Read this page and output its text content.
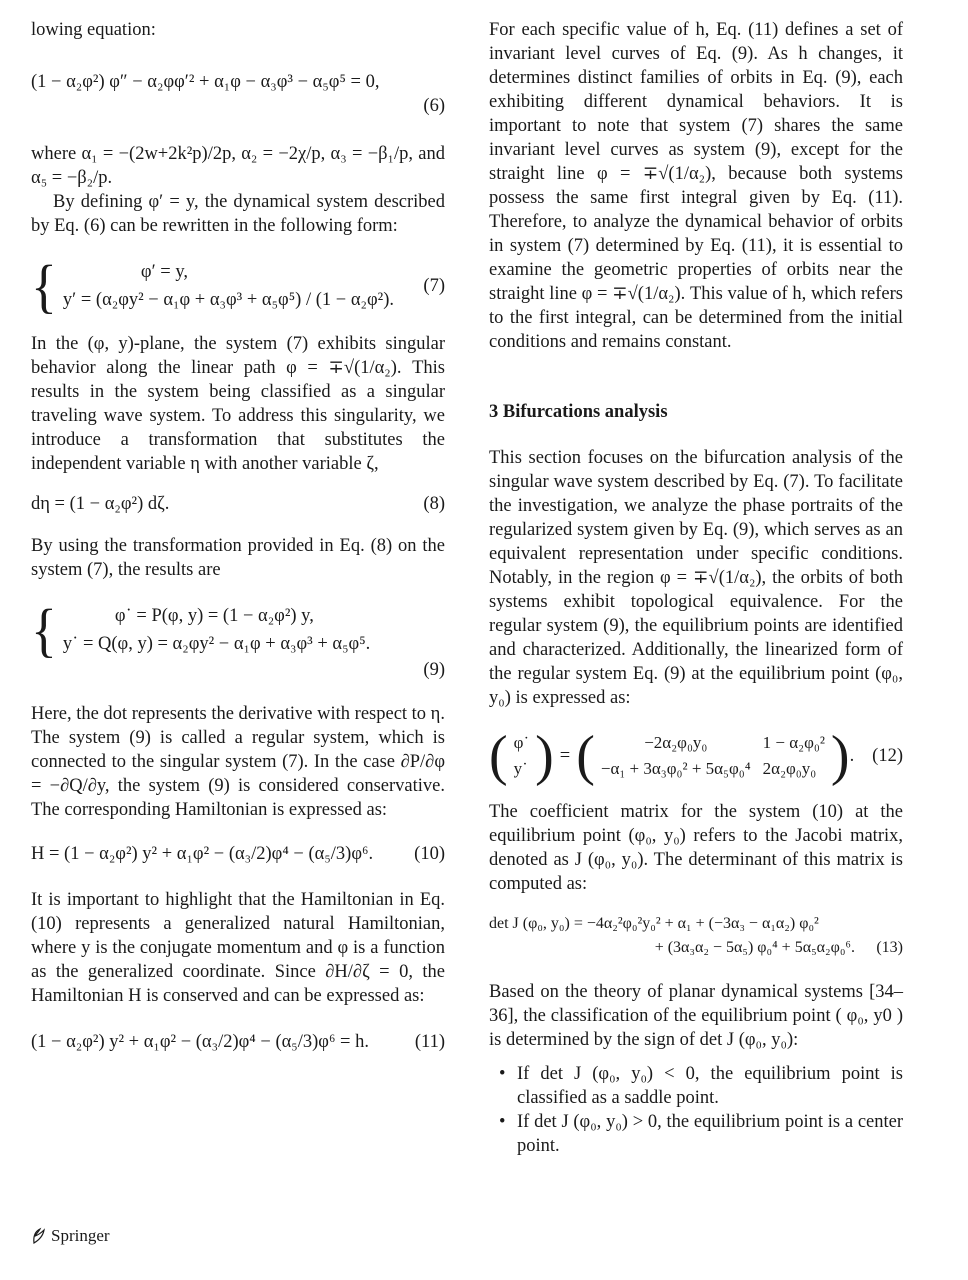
lowing equation:

(1 − α₂φ²) φ″ − α₂φφ′² + α₁φ − α₃φ³ − α₅φ⁵ = 0,
(6)

where α₁ = −(2w+2k²p)/2p, α₂ = −2χ/p, α₃ = −β₁/p, and α₅ = −β₂/p.

By defining φ′ = y, the dynamical system described by Eq. (6) can be rewritten in the following form:

{	φ′ = y,
y′ = (α₂φy² − α₁φ + α₃φ³ + α₅φ⁵) / (1 − α₂φ²).
(7)

In the (φ, y)-plane, the system (7) exhibits singular behavior along the linear path φ = ∓√(1/α₂). This results in the system being classified as a singular traveling wave system. To address this singularity, we introduce a transformation that substitutes the independent variable η with another variable ζ,

dη = (1 − α₂φ²) dζ.	(8)

By using the transformation provided in Eq. (8) on the system (7), the results are

{	φ˙ = P(φ, y) = (1 − α₂φ²) y,
y˙ = Q(φ, y) = α₂φy² − α₁φ + α₃φ³ + α₅φ⁵.
(9)

Here, the dot represents the derivative with respect to η. The system (9) is called a regular system, which is connected to the singular system (7). In the case ∂P/∂φ = −∂Q/∂y, the system (9) is considered conservative. The corresponding Hamiltonian is expressed as:

H = (1 − α₂φ²) y² + α₁φ² − (α₃/2)φ⁴ − (α₅/3)φ⁶.	(10)

It is important to highlight that the Hamiltonian in Eq. (10) represents a generalized natural Hamiltonian, where y is the conjugate momentum and φ is a function as the generalized coordinate. Since ∂H/∂ζ = 0, the Hamiltonian H is conserved and can be expressed as:

(1 − α₂φ²) y² + α₁φ² − (α₃/2)φ⁴ − (α₅/3)φ⁶ = h.	(11)

For each specific value of h, Eq. (11) defines a set of invariant level curves of Eq. (9). As h changes, it determines distinct families of orbits in Eq. (9), each exhibiting different dynamical behaviors. It is important to note that system (7) shares the same invariant level curves as system (9), except for the straight line φ = ∓√(1/α₂), because both systems possess the same first integral given by Eq. (11). Therefore, to analyze the dynamical behavior of orbits in system (7) determined by Eq. (11), it is essential to examine the geometric properties of orbits near the straight line φ = ∓√(1/α₂). This value of h, which refers to the first integral, can be determined from the initial conditions and remains constant.

3 Bifurcations analysis

This section focuses on the bifurcation analysis of the singular wave system described by Eq. (7). To facilitate the investigation, we analyze the phase portraits of the regularized system given by Eq. (9), which serves as an equivalent representation under specific conditions. Notably, in the region φ = ∓√(1/α₂), the orbits of both systems exhibit topological equivalence. For the regular system (9), the equilibrium points are identified and characterized. Additionally, the linearized form of the regular system Eq. (9) at the equilibrium point (φ₀, y₀) is expressed as:

( φ˙
y˙ ) = (	−2α₂φ₀y₀	1 − α₂φ₀²
−α₁ + 3α₃φ₀² + 5α₅φ₀⁴	2α₂φ₀y₀ ) . (12)

The coefficient matrix for the system (10) at the equilibrium point (φ₀, y₀) refers to the Jacobi matrix, denoted as J (φ₀, y₀). The determinant of this matrix is computed as:

det J (φ₀, y₀) = −4α₂²φ₀²y₀² + α₁ + (−3α₃ − α₁α₂) φ₀²
+ (3α₃α₂ − 5α₅) φ₀⁴ + 5α₅α₂φ₀⁶.	(13)

Based on the theory of planar dynamical systems [34–36], the classification of the equilibrium point ( φ₀, y0 ) is determined by the sign of det J (φ₀, y₀):

• If det J (φ₀, y₀) < 0, the equilibrium point is classified as a saddle point.
• If det J (φ₀, y₀) > 0, the equilibrium point is a center point.
Springer
